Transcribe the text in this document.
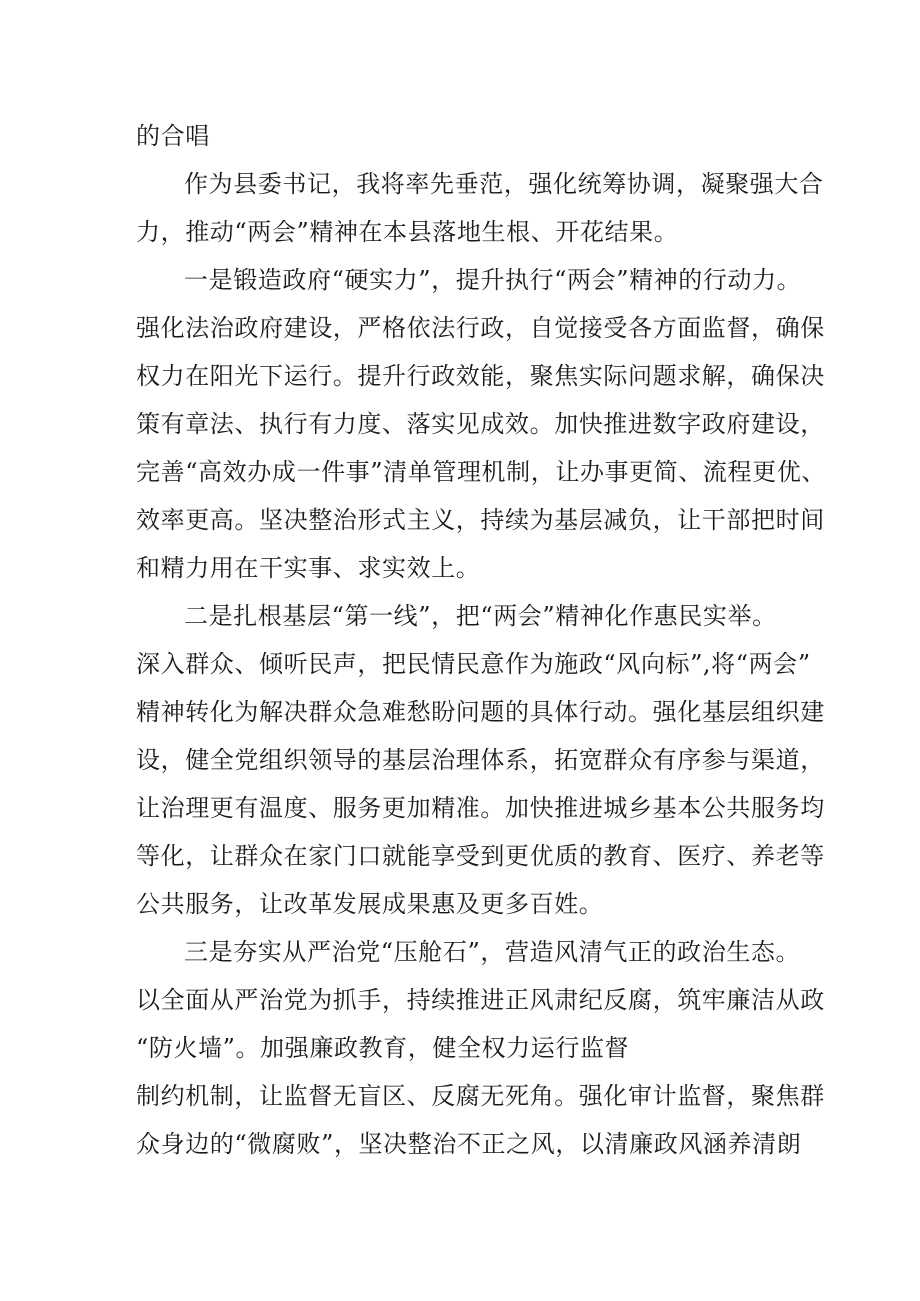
的合唱
作为县委书记，我将率先垂范，强化统筹协调，凝聚强大合
力，推动“两会”精神在本县落地生根、开花结果。
一是锻造政府“硬实力”，提升执行“两会”精神的行动力。
强化法治政府建设，严格依法行政，自觉接受各方面监督，确保
权力在阳光下运行。提升行政效能，聚焦实际问题求解，确保决
策有章法、执行有力度、落实见成效。加快推进数字政府建设，
完善“高效办成一件事”清单管理机制，让办事更简、流程更优、
效率更高。坚决整治形式主义，持续为基层减负，让干部把时间
和精力用在干实事、求实效上。
二是扎根基层“第一线”，把“两会”精神化作惠民实举。
深入群众、倾听民声，把民情民意作为施政“风向标”,将“两会”
精神转化为解决群众急难愁盼问题的具体行动。强化基层组织建
设，健全党组织领导的基层治理体系，拓宽群众有序参与渠道，
让治理更有温度、服务更加精准。加快推进城乡基本公共服务均
等化，让群众在家门口就能享受到更优质的教育、医疗、养老等
公共服务，让改革发展成果惠及更多百姓。
三是夯实从严治党“压舱石”，营造风清气正的政治生态。
以全面从严治党为抓手，持续推进正风肃纪反腐，筑牢廉洁从政
“防火墙”。加强廉政教育，健全权力运行监督
制约机制，让监督无盲区、反腐无死角。强化审计监督，聚焦群
众身边的“微腐败”，坚决整治不正之风，以清廉政风涵养清朗
